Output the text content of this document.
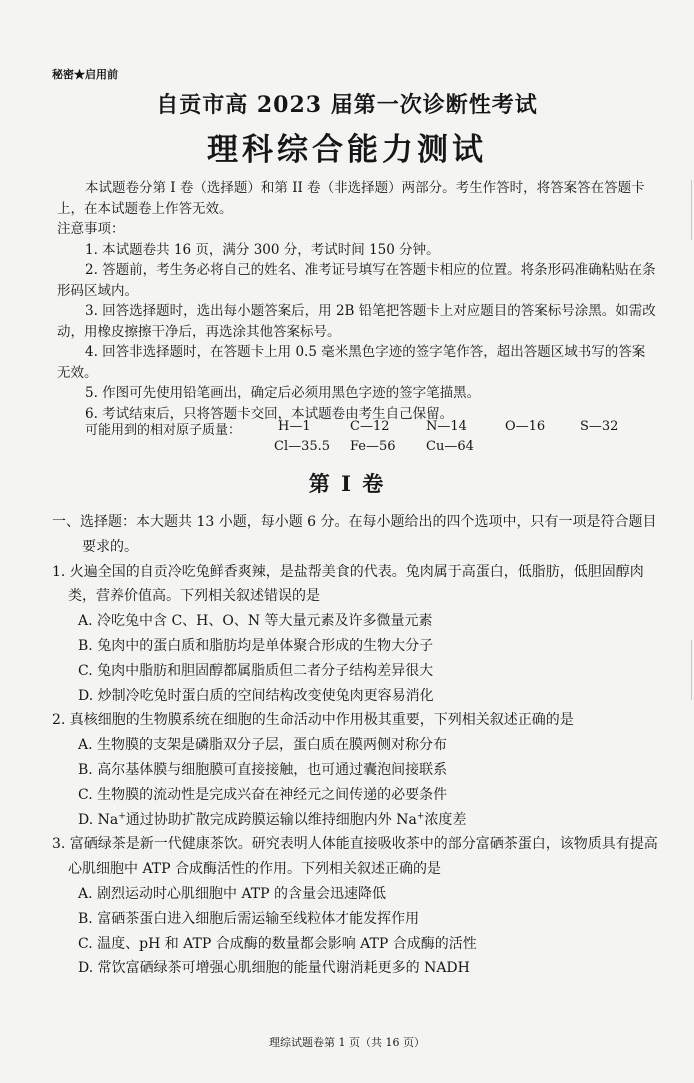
秘密★启用前
自贡市高 2023 届第一次诊断性考试
理科综合能力测试

本试题卷分第 I 卷（选择题）和第 II 卷（非选择题）两部分。考生作答时，将答案答在答题卡上，在本试题卷上作答无效。

注意事项：

1. 本试题卷共 16 页，满分 300 分，考试时间 150 分钟。

2. 答题前，考生务必将自己的姓名、准考证号填写在答题卡相应的位置。将条形码准确粘贴在条形码区域内。

3. 回答选择题时，选出每小题答案后，用 2B 铅笔把答题卡上对应题目的答案标号涂黑。如需改动，用橡皮擦擦干净后，再选涂其他答案标号。

4. 回答非选择题时，在答题卡上用 0.5 毫米黑色字迹的签字笔作答，超出答题区域书写的答案无效。

5. 作图可先使用铅笔画出，确定后必须用黑色字迹的签字笔描黑。

6. 考试结束后，只将答题卡交回，本试题卷由考生自己保留。

可能用到的相对原子质量：	H—1	C—12	N—14	O—16	S—32
Cl—35.5 Fe—56 Cu—64
第 I 卷

一、选择题：本大题共 13 小题，每小题 6 分。在每小题给出的四个选项中，只有一项是符合题目要求的。

1. 火遍全国的自贡冷吃兔鲜香爽辣，是盐帮美食的代表。兔肉属于高蛋白，低脂肪，低胆固醇肉类，营养价值高。下列相关叙述错误的是

A. 冷吃兔中含 C、H、O、N 等大量元素及许多微量元素

B. 兔肉中的蛋白质和脂肪均是单体聚合形成的生物大分子

C. 兔肉中脂肪和胆固醇都属脂质但二者分子结构差异很大

D. 炒制冷吃兔时蛋白质的空间结构改变使兔肉更容易消化

2. 真核细胞的生物膜系统在细胞的生命活动中作用极其重要，下列相关叙述正确的是

A. 生物膜的支架是磷脂双分子层，蛋白质在膜两侧对称分布

B. 高尔基体膜与细胞膜可直接接触，也可通过囊泡间接联系

C. 生物膜的流动性是完成兴奋在神经元之间传递的必要条件

D. Na+通过协助扩散完成跨膜运输以维持细胞内外 Na+浓度差

3. 富硒绿茶是新一代健康茶饮。研究表明人体能直接吸收茶中的部分富硒茶蛋白，该物质具有提高心肌细胞中 ATP 合成酶活性的作用。下列相关叙述正确的是

A. 剧烈运动时心肌细胞中 ATP 的含量会迅速降低

B. 富硒茶蛋白进入细胞后需运输至线粒体才能发挥作用

C. 温度、pH 和 ATP 合成酶的数量都会影响 ATP 合成酶的活性

D. 常饮富硒绿茶可增强心肌细胞的能量代谢消耗更多的 NADH

理综试题卷第 1 页（共 16 页）
